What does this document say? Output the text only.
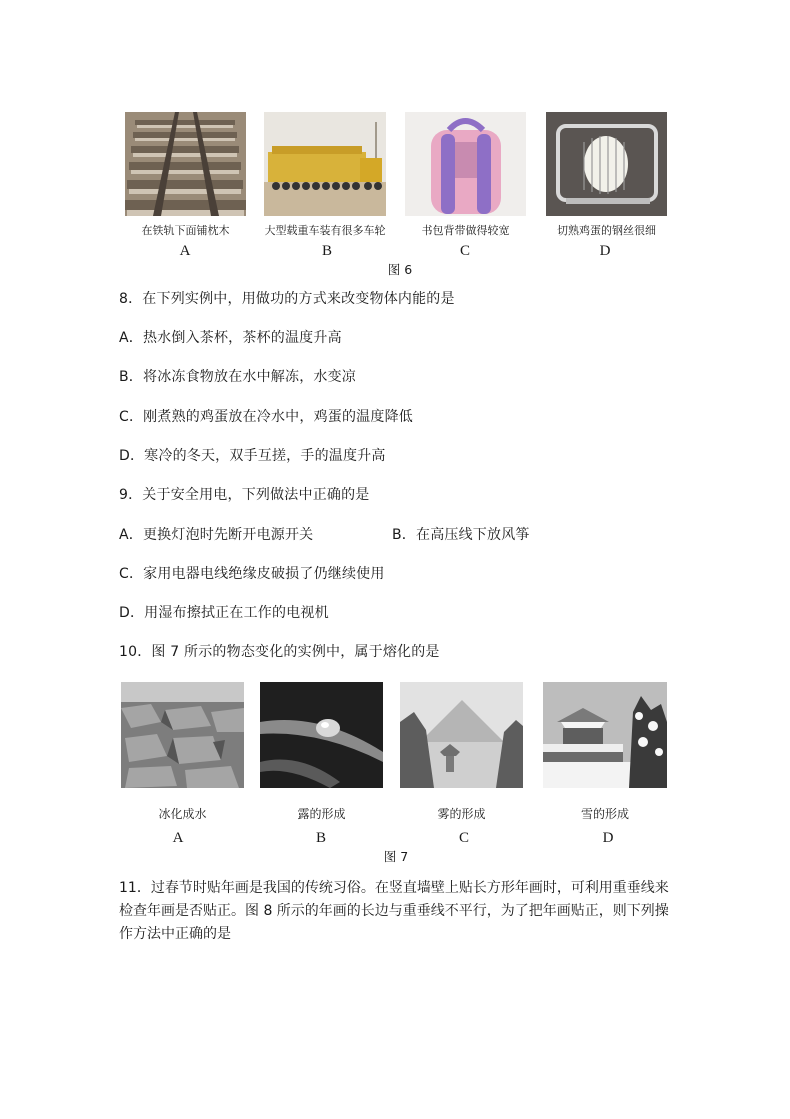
在铁轨下面铺枕木	大型载重车装有很多车轮	书包背带做得较宽	切熟鸡蛋的钢丝很细
A	B	C	D
图 6
8．在下列实例中，用做功的方式来改变物体内能的是
A．热水倒入茶杯，茶杯的温度升高
B．将冰冻食物放在水中解冻，水变凉
C．刚煮熟的鸡蛋放在冷水中，鸡蛋的温度降低
D．寒冷的冬天，双手互搓，手的温度升高
9．关于安全用电，下列做法中正确的是
A．更换灯泡时先断开电源开关	B．在高压线下放风筝
C．家用电器电线绝缘皮破损了仍继续使用
D．用湿布擦拭正在工作的电视机
10．图 7 所示的物态变化的实例中，属于熔化的是
冰化成水	露的形成	雾的形成	雪的形成
A	B	C	D
图 7
11．过春节时贴年画是我国的传统习俗。在竖直墙壁上贴长方形年画时，可利用重垂线来检查年画是否贴正。图 8 所示的年画的长边与重垂线不平行，为了把年画贴正，则下列操作方法中正确的是
